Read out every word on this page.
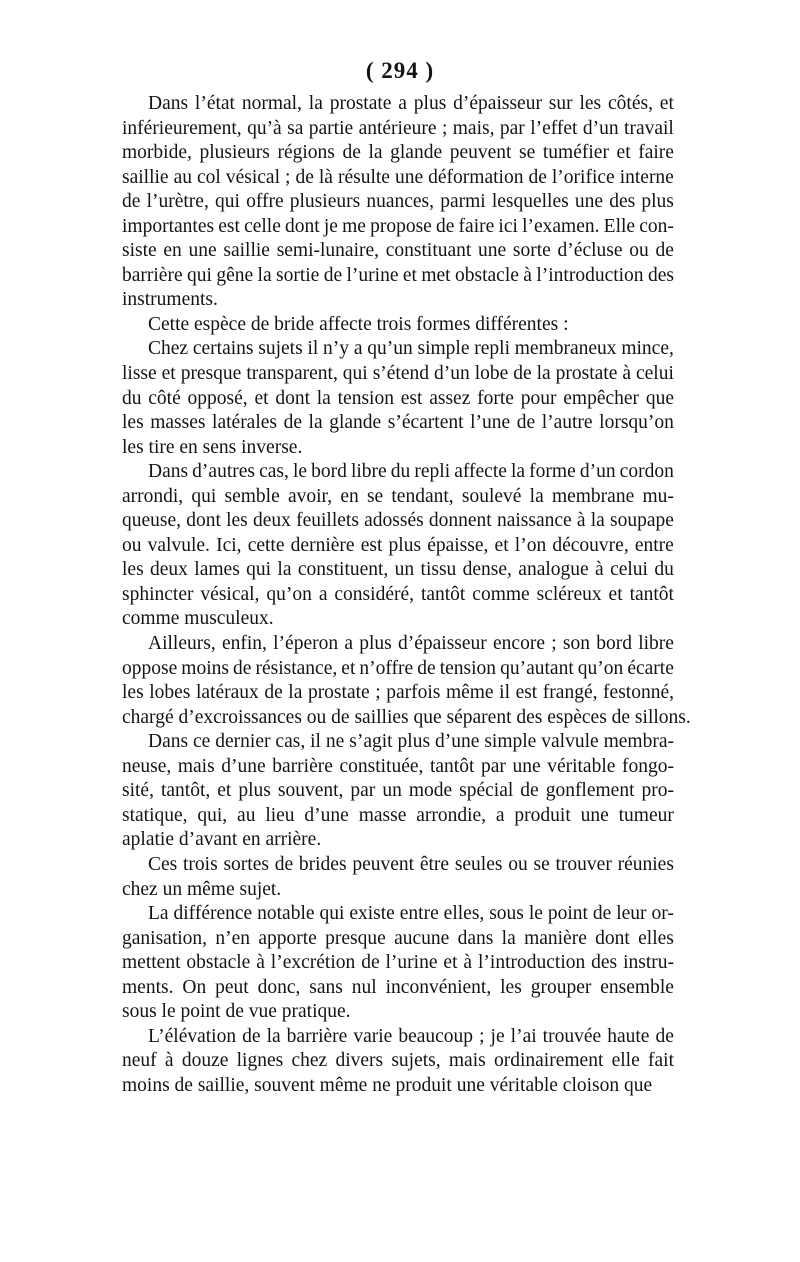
( 294 )
Dans l’état normal, la prostate a plus d’épaisseur sur les côtés, et
inférieurement, qu’à sa partie antérieure ; mais, par l’effet d’un travail
morbide, plusieurs régions de la glande peuvent se tuméfier et faire
saillie au col vésical ; de là résulte une déformation de l’orifice interne
de l’urètre, qui offre plusieurs nuances, parmi lesquelles une des plus
importantes est celle dont je me propose de faire ici l’examen. Elle con-
siste en une saillie semi-lunaire, constituant une sorte d’écluse ou de
barrière qui gêne la sortie de l’urine et met obstacle à l’introduction des
instruments.
Cette espèce de bride affecte trois formes différentes :
Chez certains sujets il n’y a qu’un simple repli membraneux mince,
lisse et presque transparent, qui s’étend d’un lobe de la prostate à celui
du côté opposé, et dont la tension est assez forte pour empêcher que
les masses latérales de la glande s’écartent l’une de l’autre lorsqu’on
les tire en sens inverse.
Dans d’autres cas, le bord libre du repli affecte la forme d’un cordon
arrondi, qui semble avoir, en se tendant, soulevé la membrane mu-
queuse, dont les deux feuillets adossés donnent naissance à la soupape
ou valvule. Ici, cette dernière est plus épaisse, et l’on découvre, entre
les deux lames qui la constituent, un tissu dense, analogue à celui du
sphincter vésical, qu’on a considéré, tantôt comme scléreux et tantôt
comme musculeux.
Ailleurs, enfin, l’éperon a plus d’épaisseur encore ; son bord libre
oppose moins de résistance, et n’offre de tension qu’autant qu’on écarte
les lobes latéraux de la prostate ; parfois même il est frangé, festonné,
chargé d’excroissances ou de saillies que séparent des espèces de sillons.
Dans ce dernier cas, il ne s’agit plus d’une simple valvule membra-
neuse, mais d’une barrière constituée, tantôt par une véritable fongo-
sité, tantôt, et plus souvent, par un mode spécial de gonflement pro-
statique, qui, au lieu d’une masse arrondie, a produit une tumeur
aplatie d’avant en arrière.
Ces trois sortes de brides peuvent être seules ou se trouver réunies
chez un même sujet.
La différence notable qui existe entre elles, sous le point de leur or-
ganisation, n’en apporte presque aucune dans la manière dont elles
mettent obstacle à l’excrétion de l’urine et à l’introduction des instru-
ments. On peut donc, sans nul inconvénient, les grouper ensemble
sous le point de vue pratique.
L’élévation de la barrière varie beaucoup ; je l’ai trouvée haute de
neuf à douze lignes chez divers sujets, mais ordinairement elle fait
moins de saillie, souvent même ne produit une véritable cloison que
